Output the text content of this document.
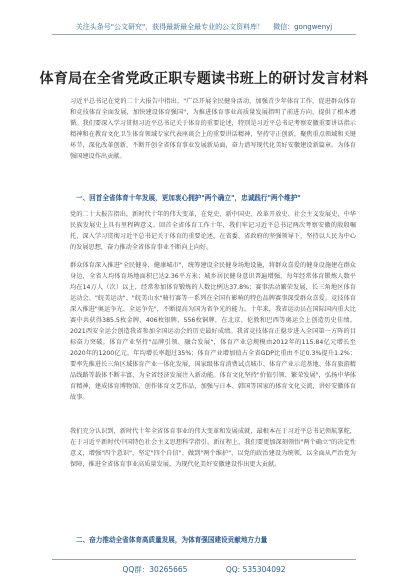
关注头条号"公文研究"，获得最新最全最专业的公文资料库！ 微信：gongwenyj
体育局在全省党政正职专题读书班上的研讨发言材料
习近平总书记在党的二十大报告中指出，"广泛开展全民健身活动，加强青少年体育工作，促进群众体育和竞技体育全面发展，加快建设体育强国"，为推进体育事业高质量发展指明了前进方向、提供了根本遵循。我们要深入学习贯彻习近平总书记关于体育的重要论述，特别是习近平总书记考察安徽重要讲话指示精神和在教育文化卫生体育领域专家代表座谈会上的重要讲话精神，坚持守正创新，聚焦重点领域和关键环节，深化改革创新，不断开创全省体育事业发展新局面，奋力谱写现代化美好安徽建设新篇章。为体育强国建设作出贡献。
一、回首全省体育十年发展，更加衷心拥护"两个确立"，忠诚践行"两个维护"
党的二十大报告指出，新时代十年的伟大变革，在党史、新中国史、改革开放史、社会主义发展史、中华民族发展史上具有里程碑意义。回首全省体育工作十年，我们牢记习近平总书记两次考察安徽的殷殷嘱托，深入学习贯彻习近平总书记关于体育的重要论述，在省委、省政府的坚强领导下，坚持以人民为中心的发展思想，奋力推动全省体育事业不断向上向好。
群众体育深入推进"全民健身，健康城市"，统筹建设全民健身场地设施，将群众喜爱的健身设施建在群众身边，全省人均体育场地面积已达2.36平方米；城乡居民健身意识普遍增强，每年经常体育锻炼人数平均在14万人（次）以上，经常参加体育锻炼的人数比例达37.8%；赛事活动繁荣发展，长三角地区体育运动会、"皖美运动"、"皖美山水"骑行赛等一系列在全国有影响的特色品牌赛事深受群众喜爱。竞技体育深入推进"奥运争光、全运争先"，不断提高为国为省争光的能力。十年来，我省运动员在国际国内重大比赛中共获得385.5枚金牌、406枚银牌、556枚铜牌，在北京、伦敦和巴西等奥运会上创造历史佳绩。2021西安全运会创造我省参加全国运动会的历史最好成绩。我省竞技体育正稳步进入全国第一方阵的目标奋力突破。体育产业坚持"品牌引领、融合发展"，体育产业总规模由2012年的115.84亿元增长至2020年的1200亿元，年均增长率超过35%；体育产业增加值占全省GDP比重由不足0.3%提升1.2%；要率先推进长三角区域体育产业一体化发展，国家级体育消费试点城市、体育产业示范基地、体育旅游精品线路等载体不断丰富，为全省经济发展注入新动能。体育文化坚持"价值引领、繁荣发展"，弘扬中华体育精神，建成体育博物馆、创作体育文艺作品，加强与日本、韩国等国家的体育文化交流，讲好安徽体育故事。
我们充分认识到，新时代十年全省体育事业的伟大变革和发展成就，最根本在于习近平总书记领航掌舵，在于习近平新时代中国特色社会主义思想科学指引。新征程上，我们要更加深刻领悟"两个确立"的决定性意义，增强"四个意识"、坚定"四个自信"、做到"两个维护"，以党的政治建设为统领，以全面从严治党为保障，推进全省体育事业高质量发展，为现代化美好安徽建设作出更大贡献。
二、奋力推动全省体育高质量发展，为体育强国建设贡献地方力量
QQ群：30265665	QQ: 535304092
